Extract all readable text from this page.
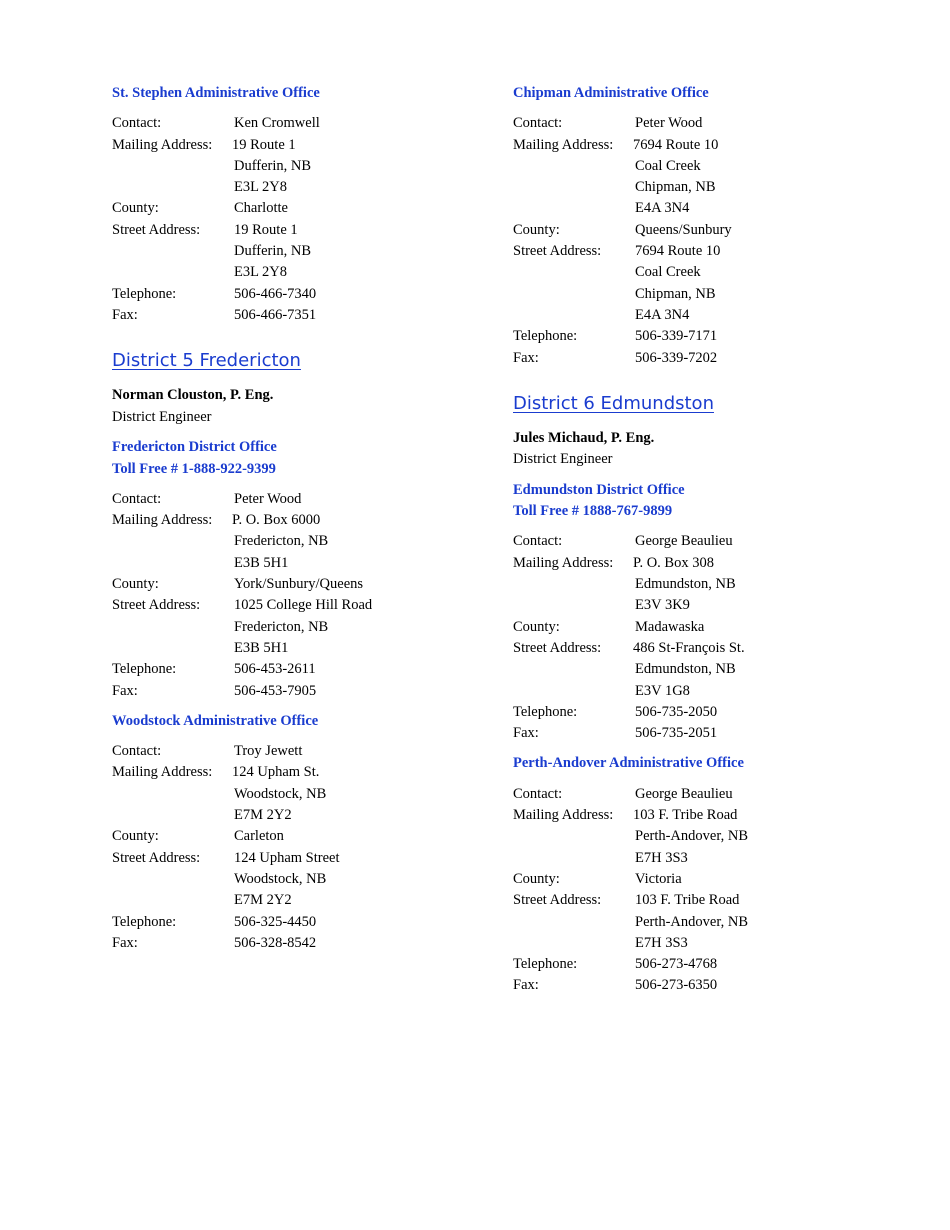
St. Stephen Administrative Office

Contact:	Ken Cromwell
Mailing Address:	19 Route 1
Dufferin, NB
E3L 2Y8
County:	Charlotte
Street Address:	19 Route 1
Dufferin, NB
E3L 2Y8
Telephone:	506-466-7340
Fax:	506-466-7351
District 5 Fredericton

Norman Clouston, P. Eng.

District Engineer

Fredericton District Office

Toll Free # 1-888-922-9399

Contact:	Peter Wood
Mailing Address:	P. O. Box 6000
Fredericton, NB
E3B 5H1
County:	York/Sunbury/Queens
Street Address:	1025 College Hill Road
Fredericton, NB
E3B 5H1
Telephone:	506-453-2611
Fax:	506-453-7905

Woodstock Administrative Office

Contact:	Troy Jewett
Mailing Address:	124 Upham St.
Woodstock, NB
E7M 2Y2
County:	Carleton
Street Address:	124 Upham Street
Woodstock, NB
E7M 2Y2
Telephone:	506-325-4450
Fax:	506-328-8542

Chipman Administrative Office

Contact:	Peter Wood
Mailing Address:	7694 Route 10
Coal Creek
Chipman, NB
E4A 3N4
County:	Queens/Sunbury
Street Address:	7694 Route 10
Coal Creek
Chipman, NB
E4A 3N4
Telephone:	506-339-7171
Fax:	506-339-7202
District 6 Edmundston

Jules Michaud, P. Eng.

District Engineer

Edmundston District Office

Toll Free # 1888-767-9899

Contact:	George Beaulieu
Mailing Address:	P. O. Box 308
Edmundston, NB
E3V 3K9
County:	Madawaska
Street Address:	486 St-François St.
Edmundston, NB
E3V 1G8
Telephone:	506-735-2050
Fax:	506-735-2051

Perth-Andover Administrative Office

Contact:	George Beaulieu
Mailing Address:	103 F. Tribe Road
Perth-Andover, NB
E7H 3S3
County:	Victoria
Street Address:	103 F. Tribe Road
Perth-Andover, NB
E7H 3S3
Telephone:	506-273-4768
Fax:	506-273-6350
